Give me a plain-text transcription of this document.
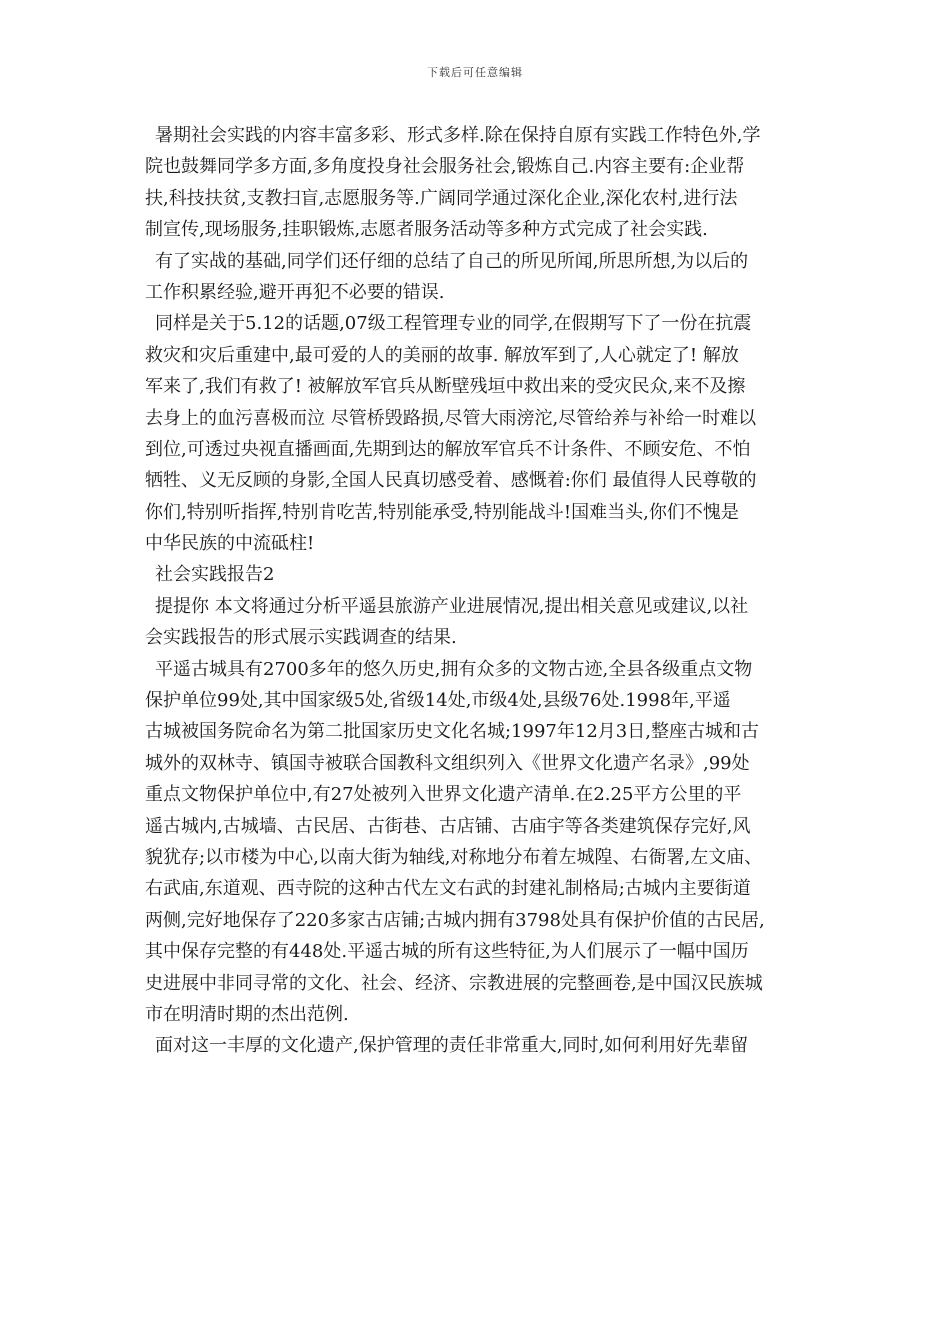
下载后可任意编辑
暑期社会实践的内容丰富多彩、形式多样.除在保持自原有实践工作特色外,学
院也鼓舞同学多方面,多角度投身社会服务社会,锻炼自己.内容主要有:企业帮
扶,科技扶贫,支教扫盲,志愿服务等.广阔同学通过深化企业,深化农村,进行法
制宣传,现场服务,挂职锻炼,志愿者服务活动等多种方式完成了社会实践.
有了实战的基础,同学们还仔细的总结了自己的所见所闻,所思所想,为以后的
工作积累经验,避开再犯不必要的错误.
同样是关于5.12的话题,07级工程管理专业的同学,在假期写下了一份在抗震
救灾和灾后重建中,最可爱的人的美丽的故事. 解放军到了,人心就定了! 解放
军来了,我们有救了! 被解放军官兵从断壁残垣中救出来的受灾民众,来不及擦
去身上的血污喜极而泣 尽管桥毁路损,尽管大雨滂沱,尽管给养与补给一时难以
到位,可透过央视直播画面,先期到达的解放军官兵不计条件、不顾安危、不怕
牺牲、义无反顾的身影,全国人民真切感受着、感慨着:你们 最值得人民尊敬的
你们,特别听指挥,特别肯吃苦,特别能承受,特别能战斗!国难当头,你们不愧是
中华民族的中流砥柱!
社会实践报告2
提提你 本文将通过分析平遥县旅游产业进展情况,提出相关意见或建议,以社
会实践报告的形式展示实践调查的结果.
平遥古城具有2700多年的悠久历史,拥有众多的文物古迹,全县各级重点文物
保护单位99处,其中国家级5处,省级14处,市级4处,县级76处.1998年,平遥
古城被国务院命名为第二批国家历史文化名城;1997年12月3日,整座古城和古
城外的双林寺、镇国寺被联合国教科文组织列入《世界文化遗产名录》,99处
重点文物保护单位中,有27处被列入世界文化遗产清单.在2.25平方公里的平
遥古城内,古城墙、古民居、古街巷、古店铺、古庙宇等各类建筑保存完好,风
貌犹存;以市楼为中心,以南大街为轴线,对称地分布着左城隍、右衙署,左文庙、
右武庙,东道观、西寺院的这种古代左文右武的封建礼制格局;古城内主要街道
两侧,完好地保存了220多家古店铺;古城内拥有3798处具有保护价值的古民居,
其中保存完整的有448处.平遥古城的所有这些特征,为人们展示了一幅中国历
史进展中非同寻常的文化、社会、经济、宗教进展的完整画卷,是中国汉民族城
市在明清时期的杰出范例.
面对这一丰厚的文化遗产,保护管理的责任非常重大,同时,如何利用好先辈留
